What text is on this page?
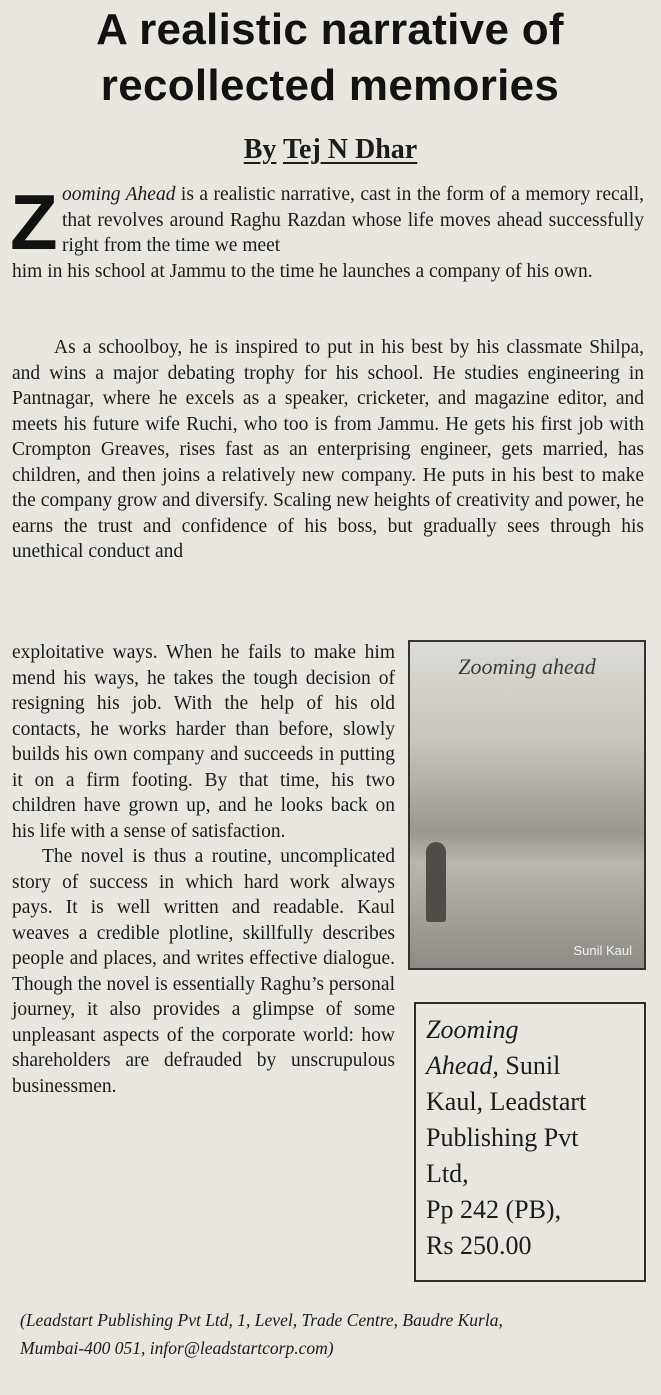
A realistic narrative of
recollected memories
By Tej N Dhar
Z ooming Ahead is a realistic narrative, cast in the form of a memory recall, that revolves around Raghu Razdan whose life moves ahead successfully right from the time we meet
him in his school at Jammu to the time he launches a company of his own.
As a schoolboy, he is inspired to put in his best by his classmate Shilpa, and wins a major debating trophy for his school. He studies engineering in Pantnagar, where he excels as a speaker, cricketer, and magazine editor, and meets his future wife Ruchi, who too is from Jammu. He gets his first job with Crompton Greaves, rises fast as an enterprising engineer, gets married, has children, and then joins a relatively new company. He puts in his best to make the company grow and diversify. Scaling new heights of creativity and power, he earns the trust and confidence of his boss, but gradually sees through his unethical conduct and

exploitative ways. When he fails to make him mend his ways, he takes the tough decision of resigning his job. With the help of his old contacts, he works harder than before, slowly builds his own company and succeeds in putting it on a firm footing. By that time, his two children have grown up, and he looks back on his life with a sense of satisfaction.

The novel is thus a routine, uncomplicated story of success in which hard work always pays. It is well written and readable. Kaul weaves a credible plotline, skillfully describes people and places, and writes effective dialogue. Though the novel is essentially Raghu’s personal journey, it also provides a glimpse of some unpleasant aspects of the corporate world: how shareholders are defrauded by unscrupulous businessmen.

Zooming ahead
Sunil Kaul
Zooming
Ahead, Sunil
Kaul, Leadstart
Publishing Pvt
Ltd,
Pp 242 (PB),
Rs 250.00
(Leadstart Publishing Pvt Ltd, 1, Level, Trade Centre, Baudre Kurla,
Mumbai-400 051, infor@leadstartcorp.com)
